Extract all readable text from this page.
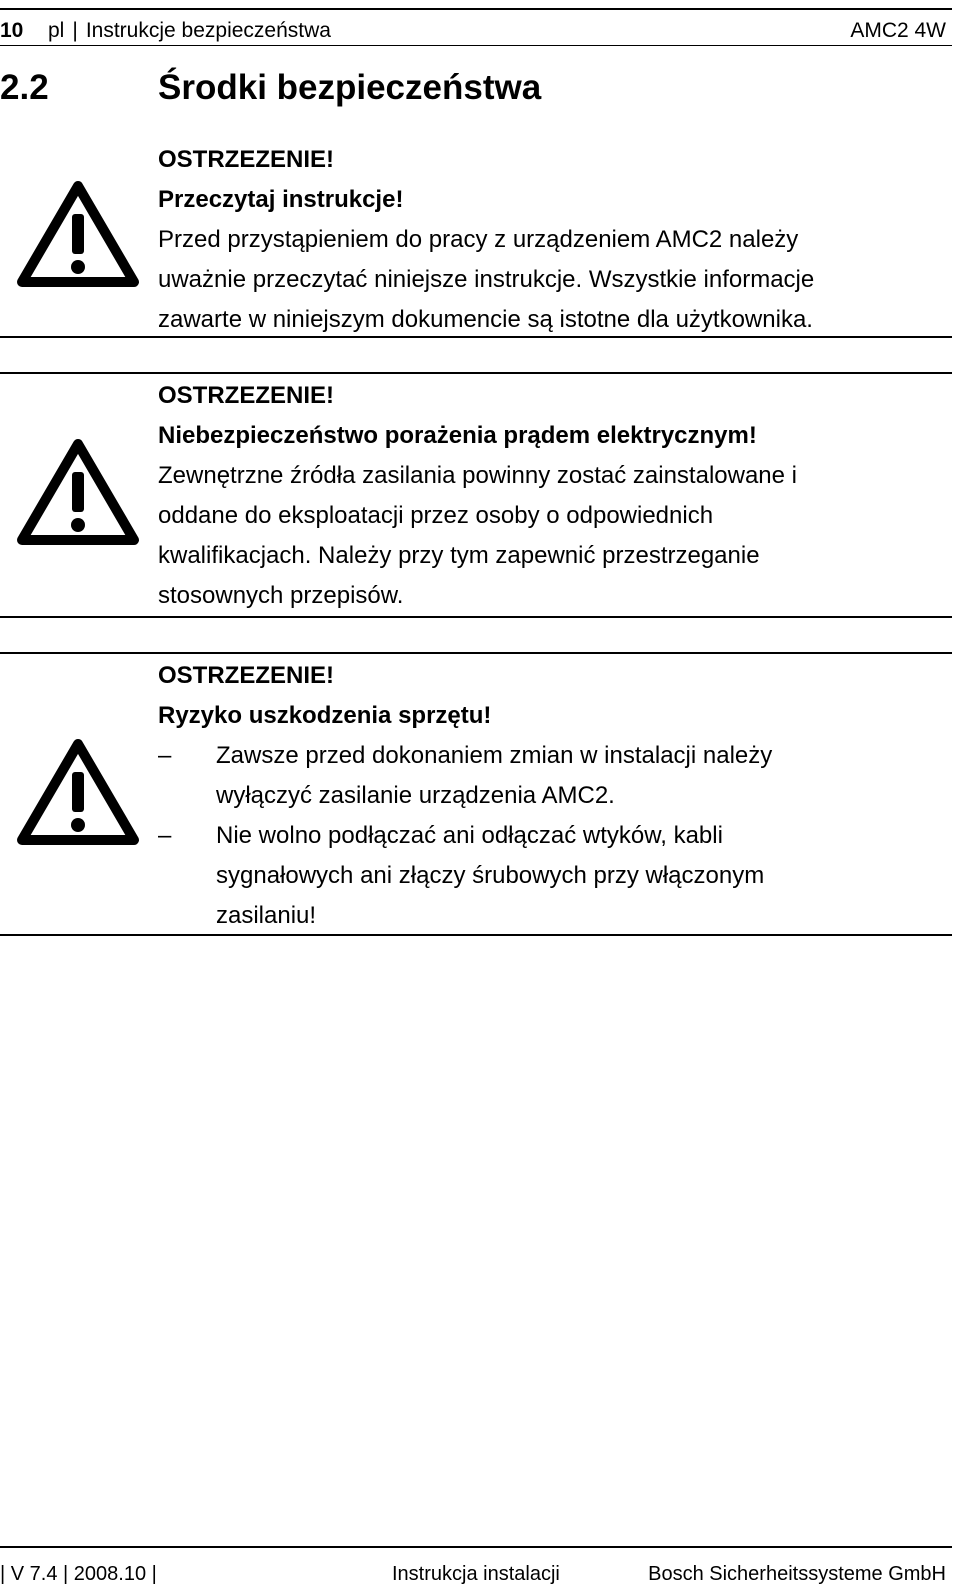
10 pl | Instrukcje bezpieczeństwa	AMC2 4W
2.2	Środki bezpieczeństwa

OSTRZEZENIE!

Przeczytaj instrukcje!

Przed przystąpieniem do pracy z urządzeniem AMC2 należy

uważnie przeczytać niniejsze instrukcje. Wszystkie informacje

zawarte w niniejszym dokumencie są istotne dla użytkownika.

OSTRZEZENIE!

Niebezpieczeństwo porażenia prądem elektrycznym!

Zewnętrzne źródła zasilania powinny zostać zainstalowane i

oddane do eksploatacji przez osoby o odpowiednich

kwalifikacjach. Należy przy tym zapewnić przestrzeganie

stosownych przepisów.

OSTRZEZENIE!

Ryzyko uszkodzenia sprzętu!

– Zawsze przed dokonaniem zmian w instalacji należy

wyłączyć zasilanie urządzenia AMC2.

– Nie wolno podłączać ani odłączać wtyków, kabli

sygnałowych ani złączy śrubowych przy włączonym

zasilaniu!

| V 7.4 | 2008.10 |	Instrukcja instalacji	Bosch Sicherheitssysteme GmbH
